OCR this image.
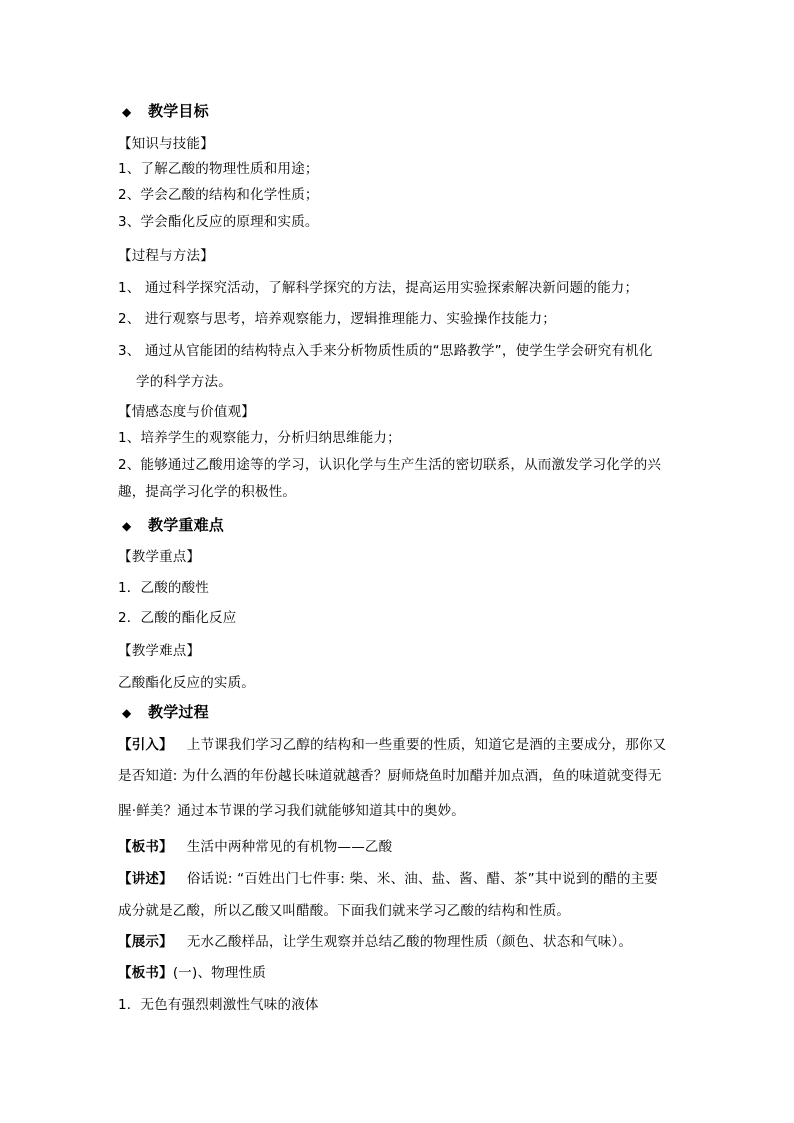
◆ 教学目标
【知识与技能】
1、了解乙酸的物理性质和用途；
2、学会乙酸的结构和化学性质；
3、学会酯化反应的原理和实质。
【过程与方法】
1、 通过科学探究活动，了解科学探究的方法，提高运用实验探索解决新问题的能力；
2、 进行观察与思考，培养观察能力，逻辑推理能力、实验操作技能力；
3、 通过从官能团的结构特点入手来分析物质性质的“思路教学”，使学生学会研究有机化
学的科学方法。
【情感态度与价值观】
1、培养学生的观察能力，分析归纳思维能力；
2、能够通过乙酸用途等的学习，认识化学与生产生活的密切联系，从而激发学习化学的兴
趣，提高学习化学的积极性。
◆ 教学重难点
【教学重点】
1．乙酸的酸性
2．乙酸的酯化反应
【教学难点】
乙酸酯化反应的实质。
◆ 教学过程
【引入】 上节课我们学习乙醇的结构和一些重要的性质，知道它是酒的主要成分，那你又
是否知道: 为什么酒的年份越长味道就越香？厨师烧鱼时加醋并加点酒，鱼的味道就变得无
腥·鲜美？通过本节课的学习我们就能够知道其中的奥妙。
【板书】 生活中两种常见的有机物——乙酸
【讲述】 俗话说: “百姓出门七件事: 柴、米、油、盐、酱、醋、茶”其中说到的醋的主要
成分就是乙酸，所以乙酸又叫醋酸。下面我们就来学习乙酸的结构和性质。
【展示】 无水乙酸样品，让学生观察并总结乙酸的物理性质（颜色、状态和气味）。
【板书】(一)、物理性质
1．无色有强烈刺激性气味的液体
